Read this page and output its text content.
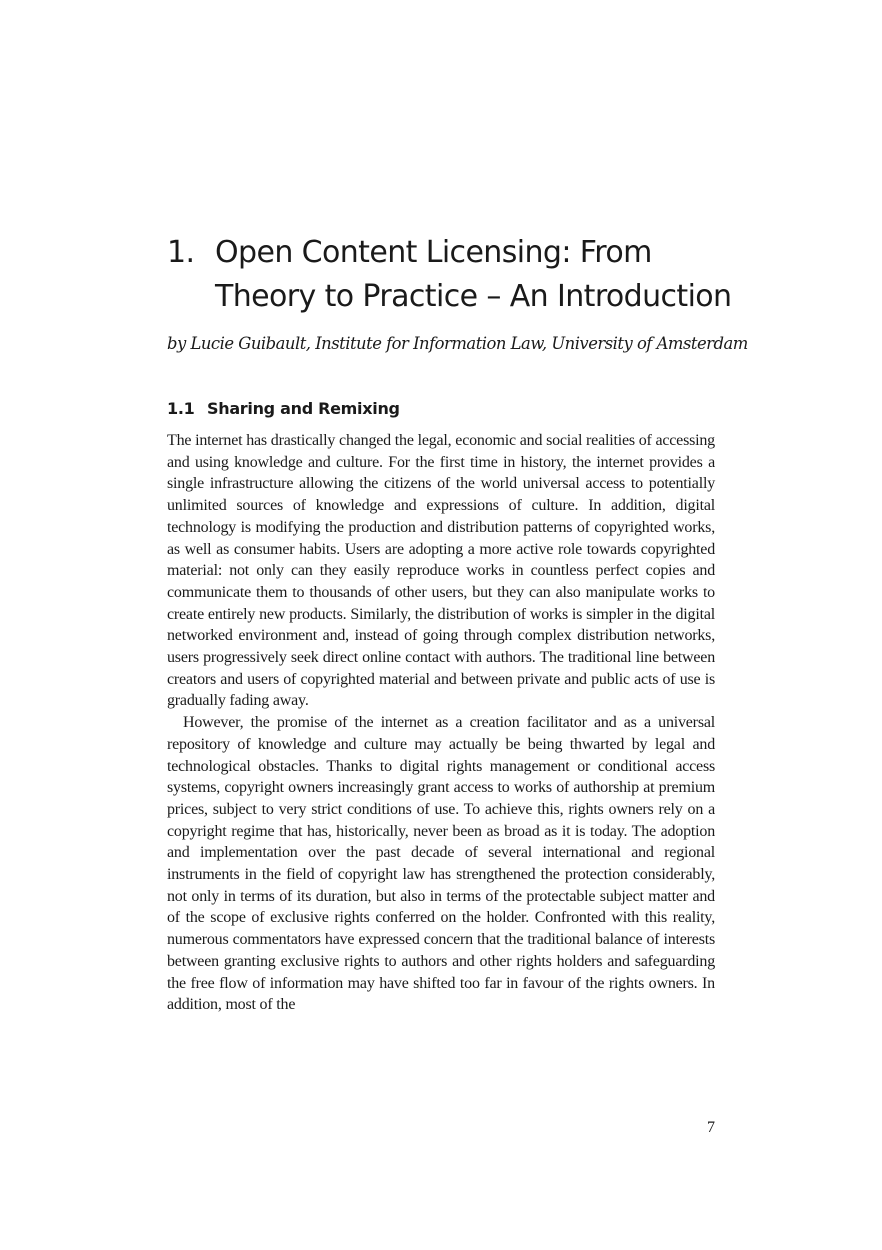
1. Open Content Licensing: From
Theory to Practice – An Introduction
by Lucie Guibault, Institute for Information Law, University of Amsterdam
1.1 Sharing and Remixing

The internet has drastically changed the legal, economic and social realities of accessing and using knowledge and culture. For the first time in history, the internet provides a single infrastructure allowing the citizens of the world universal access to potentially unlimited sources of knowledge and expressions of culture. In addition, digital technology is modifying the production and distribution patterns of copyrighted works, as well as consumer habits. Users are adopting a more active role towards copyrighted material: not only can they easily reproduce works in countless perfect copies and communicate them to thousands of other users, but they can also manipulate works to create entirely new products. Similarly, the distribution of works is simpler in the digital networked environment and, instead of going through complex distribution networks, users progressively seek direct online contact with authors. The traditional line between creators and users of copyrighted material and between private and public acts of use is gradually fading away.

However, the promise of the internet as a creation facilitator and as a universal repository of knowledge and culture may actually be being thwarted by legal and technological obstacles. Thanks to digital rights management or conditional access systems, copyright owners increasingly grant access to works of authorship at premium prices, subject to very strict conditions of use. To achieve this, rights owners rely on a copyright regime that has, historically, never been as broad as it is today. The adoption and implementation over the past decade of several international and regional instruments in the field of copyright law has strengthened the protection considerably, not only in terms of its duration, but also in terms of the protectable subject matter and of the scope of exclusive rights conferred on the holder. Confronted with this reality, numerous commentators have expressed concern that the traditional balance of interests between granting exclusive rights to authors and other rights holders and safeguarding the free flow of information may have shifted too far in favour of the rights owners. In addition, most of the

7
